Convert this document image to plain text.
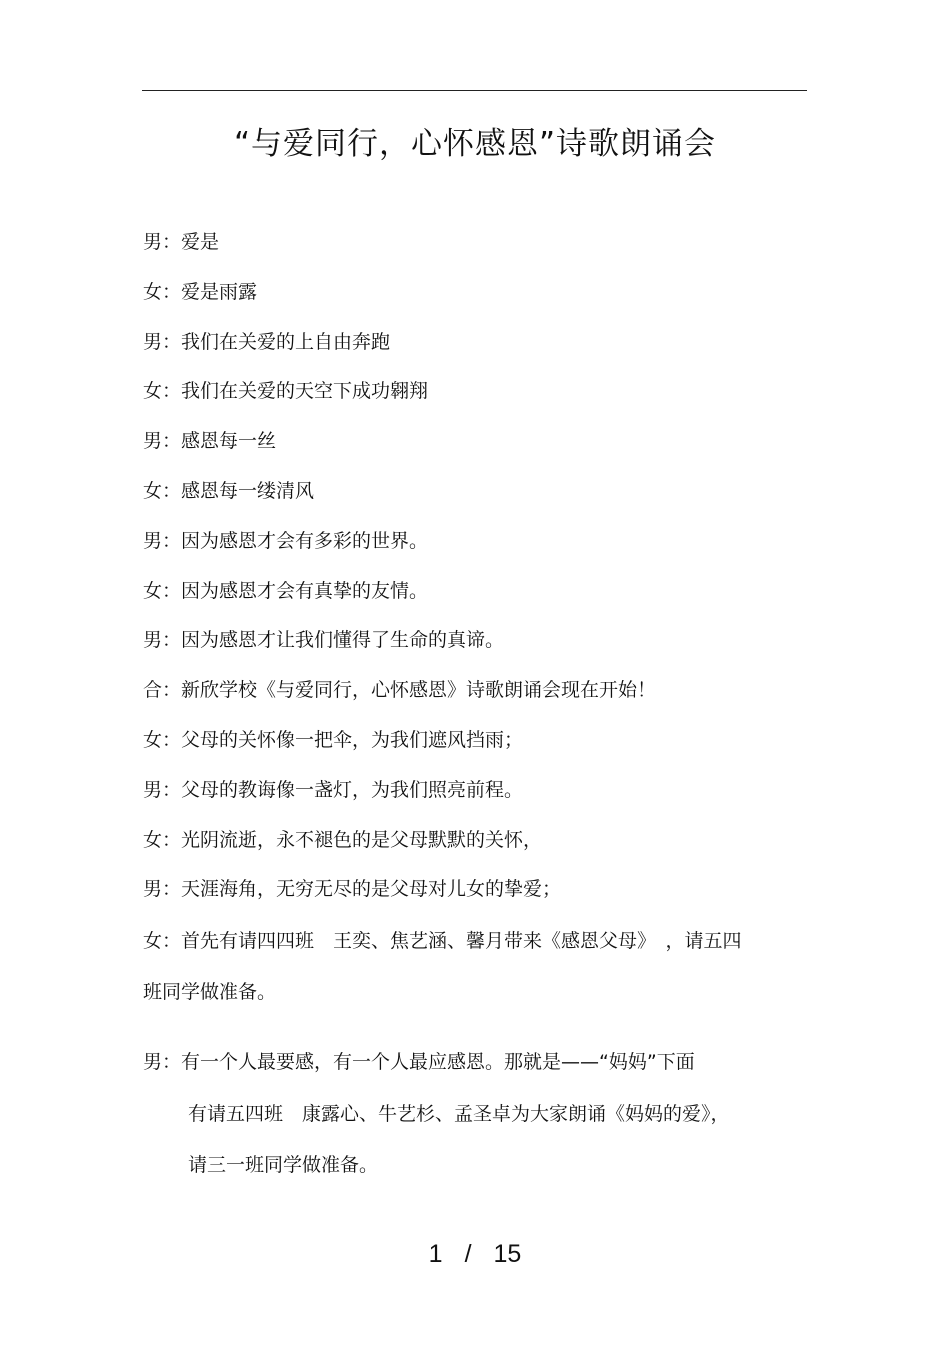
“与爱同行，心怀感恩”诗歌朗诵会
男：爱是
女：爱是雨露
男：我们在关爱的上自由奔跑
女：我们在关爱的天空下成功翱翔
男：感恩每一丝
女：感恩每一缕清风
男：因为感恩才会有多彩的世界。
女：因为感恩才会有真挚的友情。
男：因为感恩才让我们懂得了生命的真谛。
合：新欣学校《与爱同行，心怀感恩》诗歌朗诵会现在开始！
女：父母的关怀像一把伞，为我们遮风挡雨；
男：父母的教诲像一盏灯，为我们照亮前程。
女：光阴流逝，永不褪色的是父母默默的关怀，
男：天涯海角，无穷无尽的是父母对儿女的挚爱；
女：首先有请四四班　王奕、焦艺涵、馨月带来《感恩父母》　，请五四
班同学做准备。
男：有一个人最要感，有一个人最应感恩。那就是——“妈妈”下面
有请五四班　康露心、牛艺杉、孟圣卓为大家朗诵《妈妈的爱》，
请三一班同学做准备。
1 / 15
